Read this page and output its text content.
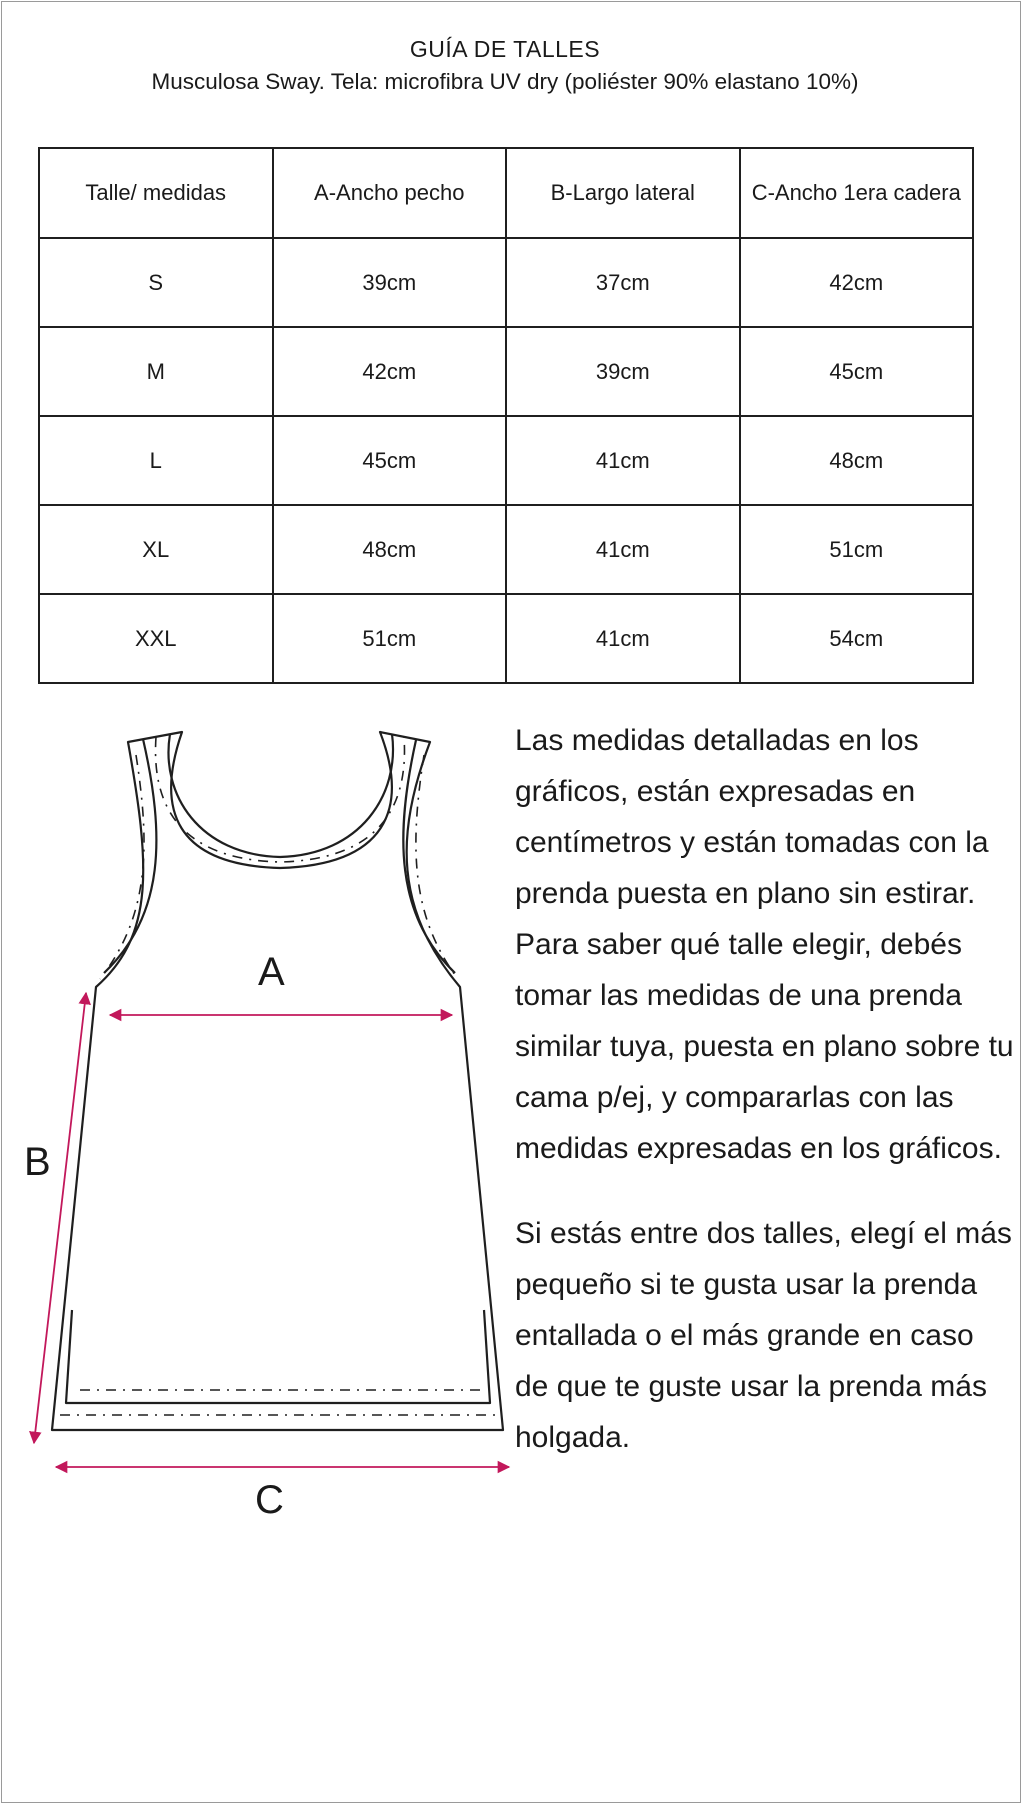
GUÍA DE TALLES
Musculosa Sway. Tela: microfibra UV dry (poliéster 90% elastano 10%)
Talle/ medidas	A-Ancho pecho	B-Largo lateral	C-Ancho 1era cadera
S	39cm	37cm	42cm
M	42cm	39cm	45cm
L	45cm	41cm	48cm
XL	48cm	41cm	51cm
XXL	51cm	41cm	54cm
A
B
C

Las medidas detalladas en los gráficos, están expresadas en centímetros y están tomadas con la prenda puesta en plano sin estirar. Para saber qué talle elegir, debés tomar las medidas de una prenda similar tuya, puesta en plano sobre tu cama p/ej, y compararlas con las medidas expresadas en los gráficos.

Si estás entre dos talles, elegí el más pequeño si te gusta usar la prenda entallada o el más grande en caso de que te guste usar la prenda más holgada.
